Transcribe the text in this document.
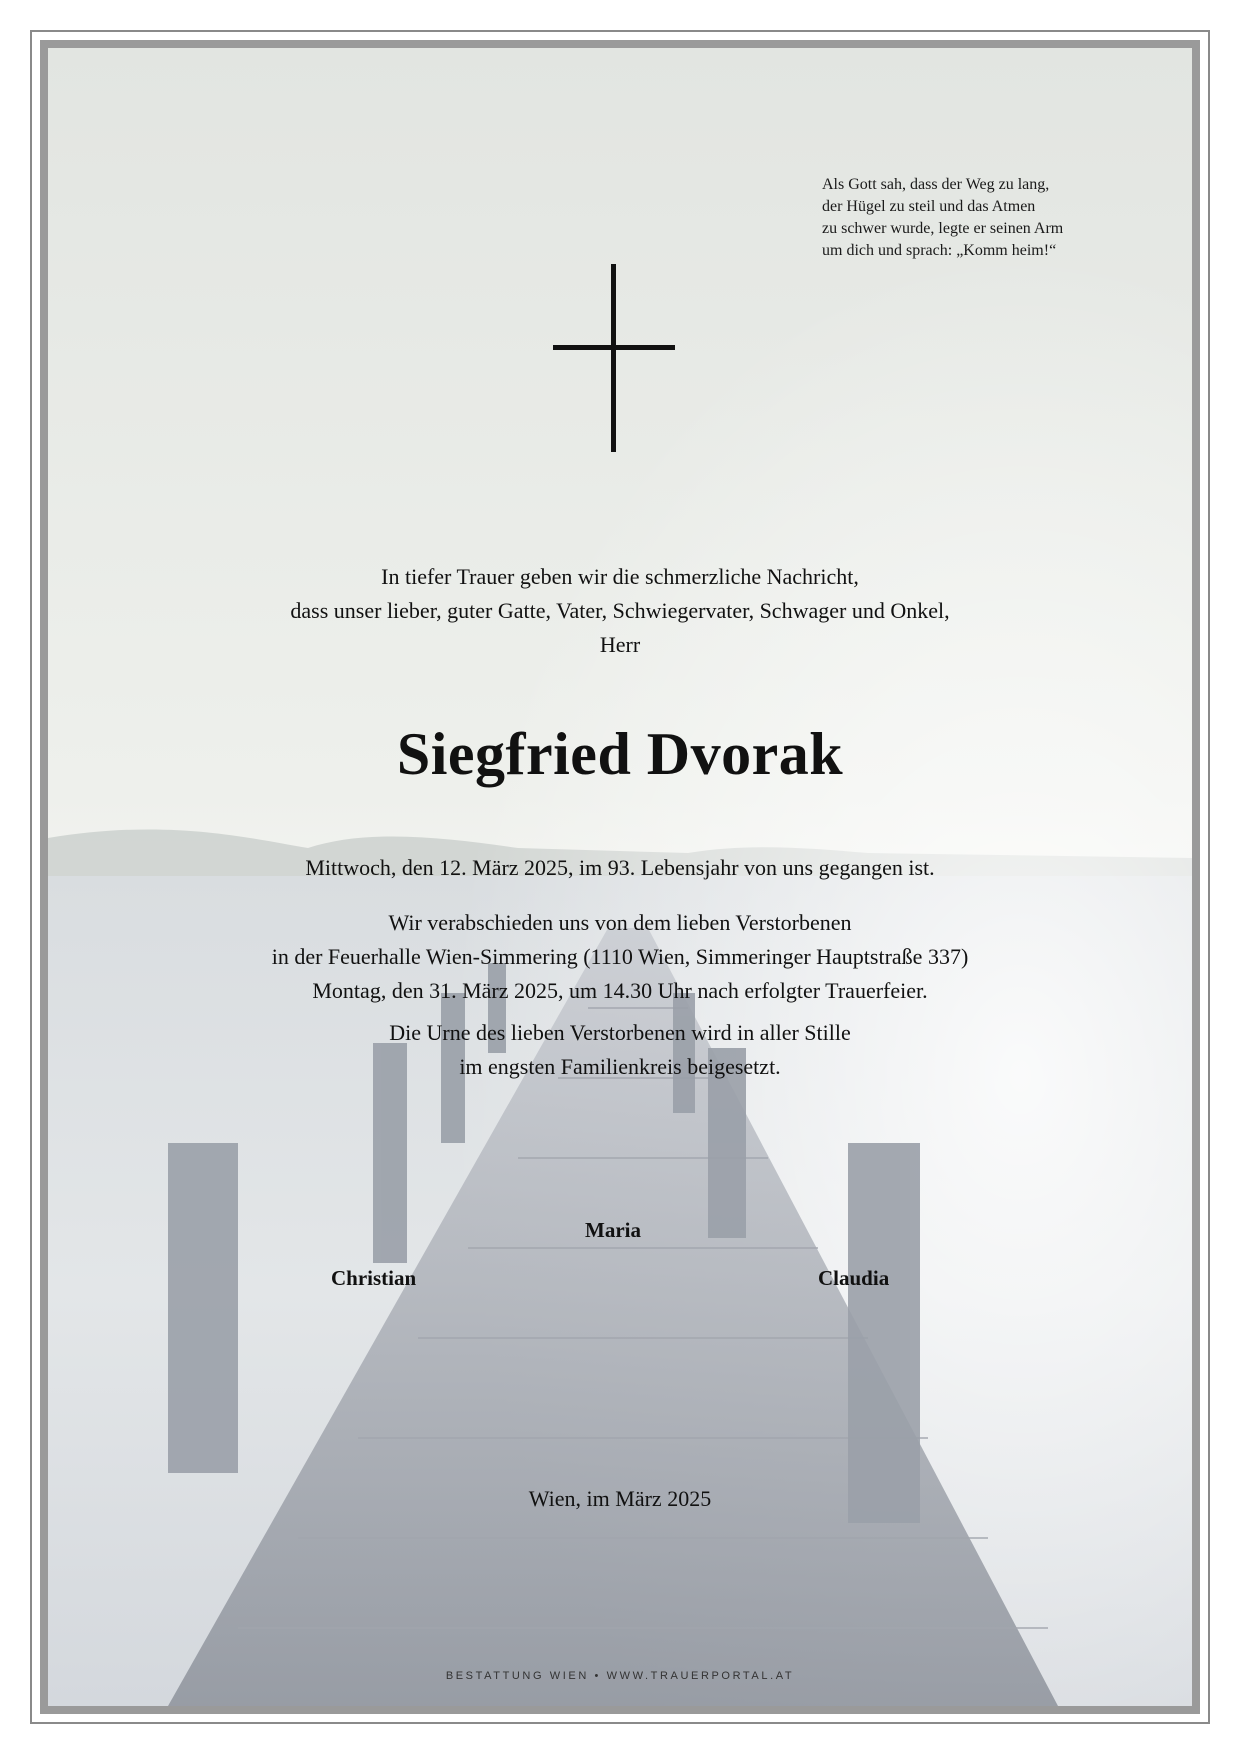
Als Gott sah, dass der Weg zu lang,
der Hügel zu steil und das Atmen
zu schwer wurde, legte er seinen Arm
um dich und sprach: „Komm heim!“
In tiefer Trauer geben wir die schmerzliche Nachricht,
dass unser lieber, guter Gatte, Vater, Schwiegervater, Schwager und Onkel,
Herr
Siegfried Dvorak
Mittwoch, den 12. März 2025, im 93. Lebensjahr von uns gegangen ist.
Wir verabschieden uns von dem lieben Verstorbenen
in der Feuerhalle Wien-Simmering (1110 Wien, Simmeringer Hauptstraße 337)
Montag, den 31. März 2025, um 14.30 Uhr nach erfolgter Trauerfeier.
Die Urne des lieben Verstorbenen wird in aller Stille
im engsten Familienkreis beigesetzt.
Maria
Christian	Claudia
Wien, im März 2025
BESTATTUNG WIEN • WWW.TRAUERPORTAL.AT
